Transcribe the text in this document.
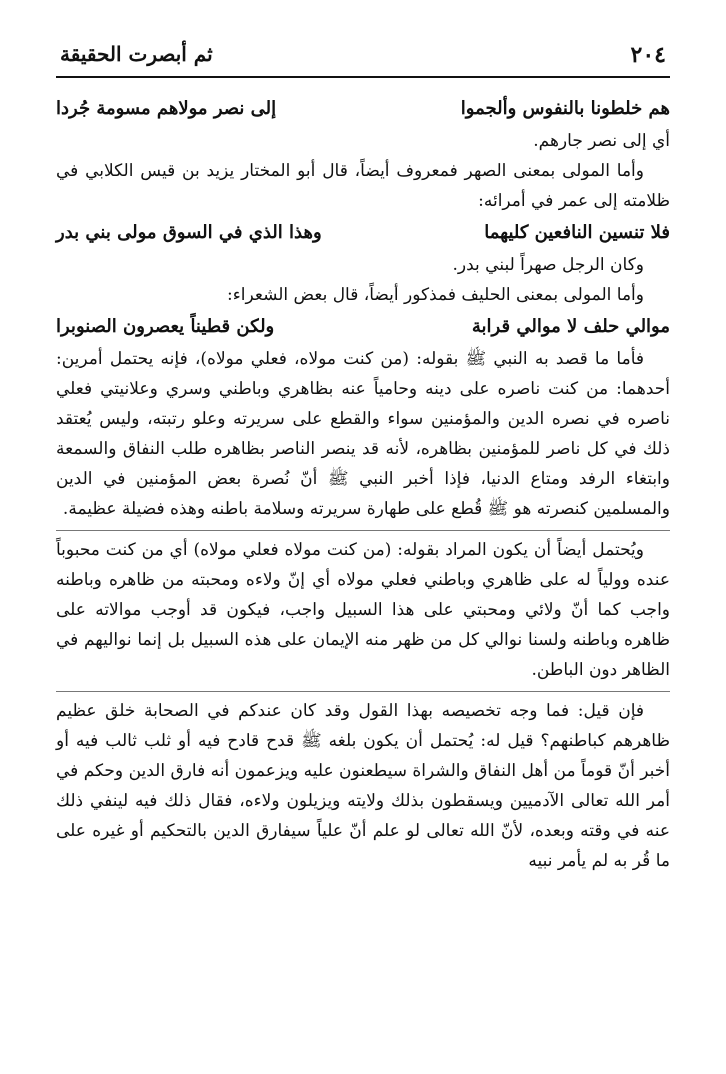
٢٠٤
ثم أبصرت الحقيقة
هم خلطونا بالنفوس وألجموا
إلى نصر مولاهم مسومة جُردا

أي إلى نصر جارهم.

وأما المولى بمعنى الصهر فمعروف أيضاً، قال أبو المختار يزيد بن قيس الكلابي في ظلامته إلى عمر في أمرائه:

فلا تنسين النافعين كليهما
وهذا الذي في السوق مولى بني بدر

وكان الرجل صهراً لبني بدر.

وأما المولى بمعنى الحليف فمذكور أيضاً، قال بعض الشعراء:

موالي حلف لا موالي قرابة
ولكن قطيناً يعصرون الصنوبرا

فأما ما قصد به النبي ﷺ بقوله: (من كنت مولاه، فعلي مولاه)، فإنه يحتمل أمرين: أحدهما: من كنت ناصره على دينه وحامياً عنه بظاهري وباطني وسري وعلانيتي فعلي ناصره في نصره الدين والمؤمنين سواء والقطع على سريرته وعلو رتبته، وليس يُعتقد ذلك في كل ناصر للمؤمنين بظاهره، لأنه قد ينصر الناصر بظاهره طلب النفاق والسمعة وابتغاء الرفد ومتاع الدنيا، فإذا أخبر النبي ﷺ أنّ نُصرة بعض المؤمنين في الدين والمسلمين كنصرته هو ﷺ قُطع على طهارة سريرته وسلامة باطنه وهذه فضيلة عظيمة.

ويُحتمل أيضاً أن يكون المراد بقوله: (من كنت مولاه فعلي مولاه) أي من كنت محبوباً عنده وولياً له على ظاهري وباطني فعلي مولاه أي إنّ ولاءه ومحبته من ظاهره وباطنه واجب كما أنّ ولائي ومحبتي على هذا السبيل واجب، فيكون قد أوجب موالاته على ظاهره وباطنه ولسنا نوالي كل من ظهر منه الإيمان على هذه السبيل بل إنما نواليهم في الظاهر دون الباطن.

فإن قيل: فما وجه تخصيصه بهذا القول وقد كان عندكم في الصحابة خلق عظيم ظاهرهم كباطنهم؟ قيل له: يُحتمل أن يكون بلغه ﷺ قدح قادح فيه أو ثلب ثالب فيه أو أخبر أنّ قوماً من أهل النفاق والشراة سيطعنون عليه ويزعمون أنه فارق الدين وحكم في أمر الله تعالى الآدميين ويسقطون بذلك ولايته ويزيلون ولاءه، فقال ذلك فيه لينفي ذلك عنه في وقته وبعده، لأنّ الله تعالى لو علم أنّ علياً سيفارق الدين بالتحكيم أو غيره على ما قُر به لم يأمر نبيه
